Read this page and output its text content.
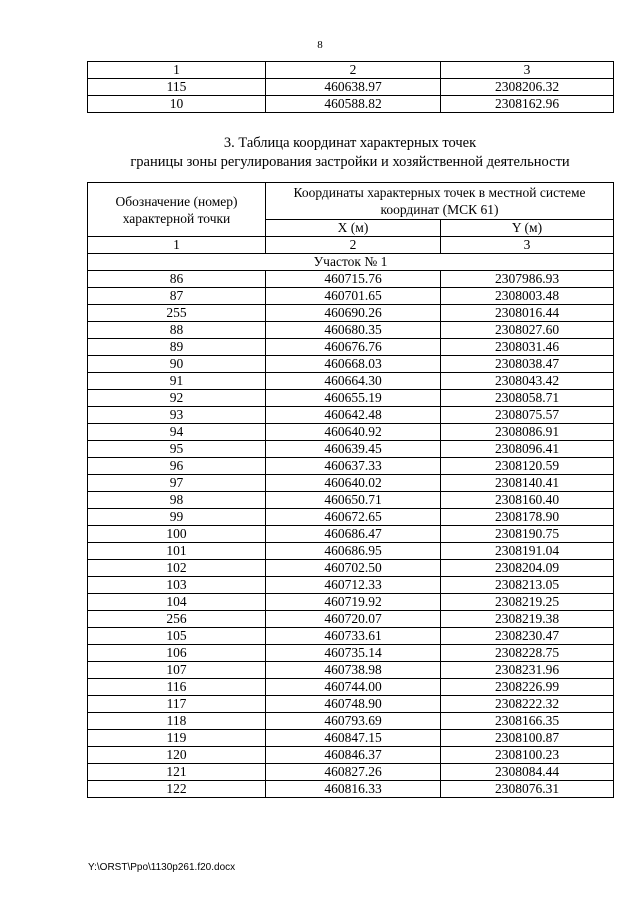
8
1	2	3
115	460638.97	2308206.32
10	460588.82	2308162.96
3. Таблица координат характерных точек
границы зоны регулирования застройки и хозяйственной деятельности
Обозначение (номер) характерной точки	Координаты характерных точек в местной системе координат (МСК 61)	
	X (м)	Y (м)
1	2	3
Участок № 1		
86	460715.76	2307986.93
87	460701.65	2308003.48
255	460690.26	2308016.44
88	460680.35	2308027.60
89	460676.76	2308031.46
90	460668.03	2308038.47
91	460664.30	2308043.42
92	460655.19	2308058.71
93	460642.48	2308075.57
94	460640.92	2308086.91
95	460639.45	2308096.41
96	460637.33	2308120.59
97	460640.02	2308140.41
98	460650.71	2308160.40
99	460672.65	2308178.90
100	460686.47	2308190.75
101	460686.95	2308191.04
102	460702.50	2308204.09
103	460712.33	2308213.05
104	460719.92	2308219.25
256	460720.07	2308219.38
105	460733.61	2308230.47
106	460735.14	2308228.75
107	460738.98	2308231.96
116	460744.00	2308226.99
117	460748.90	2308222.32
118	460793.69	2308166.35
119	460847.15	2308100.87
120	460846.37	2308100.23
121	460827.26	2308084.44
122	460816.33	2308076.31
Y:\ORST\Ppo\1130p261.f20.docx
